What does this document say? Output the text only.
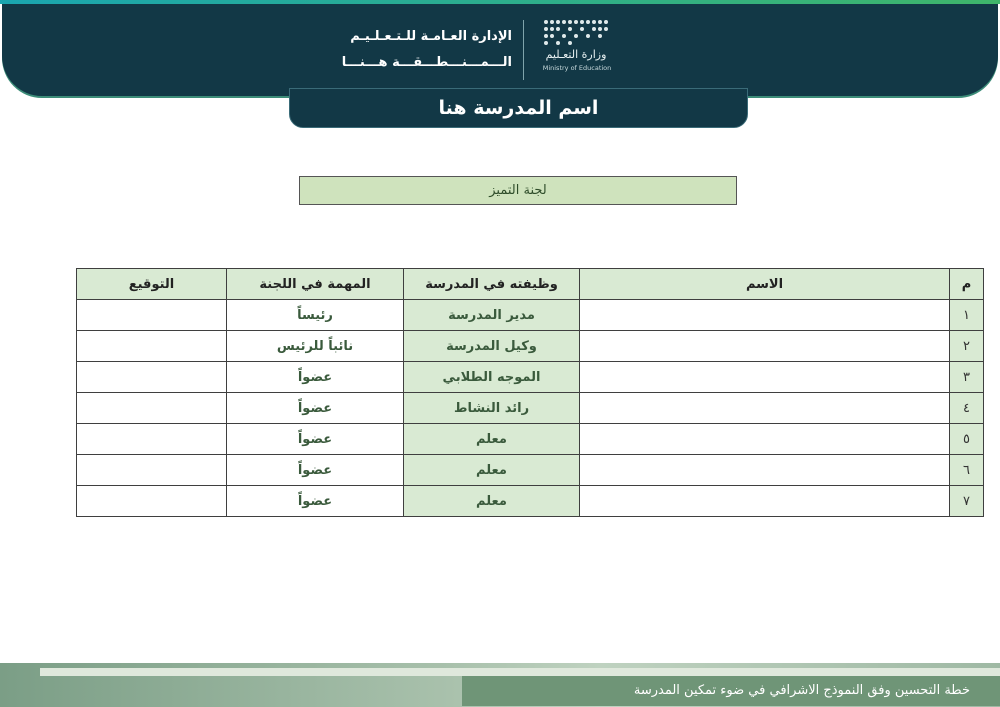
وزارة التعـليم
Ministry of Education
الإدارة العـامـة للـتـعـلـيـم
الـــمـــنـــطـــقـــة هـــنـــا
اسم المدرسة هنا
لجنة التميز
م	الاسم	وظيفته في المدرسة	المهمة في اللجنة	التوقيع
١		مدير المدرسة	رئيساً	
٢		وكيل المدرسة	نائباً للرئيس	
٣		الموجه الطلابي	عضواً	
٤		رائد النشاط	عضواً	
٥		معلم	عضواً	
٦		معلم	عضواً	
٧		معلم	عضواً	
خطة التحسين وفق النموذج الاشرافي في ضوء تمكين المدرسة
